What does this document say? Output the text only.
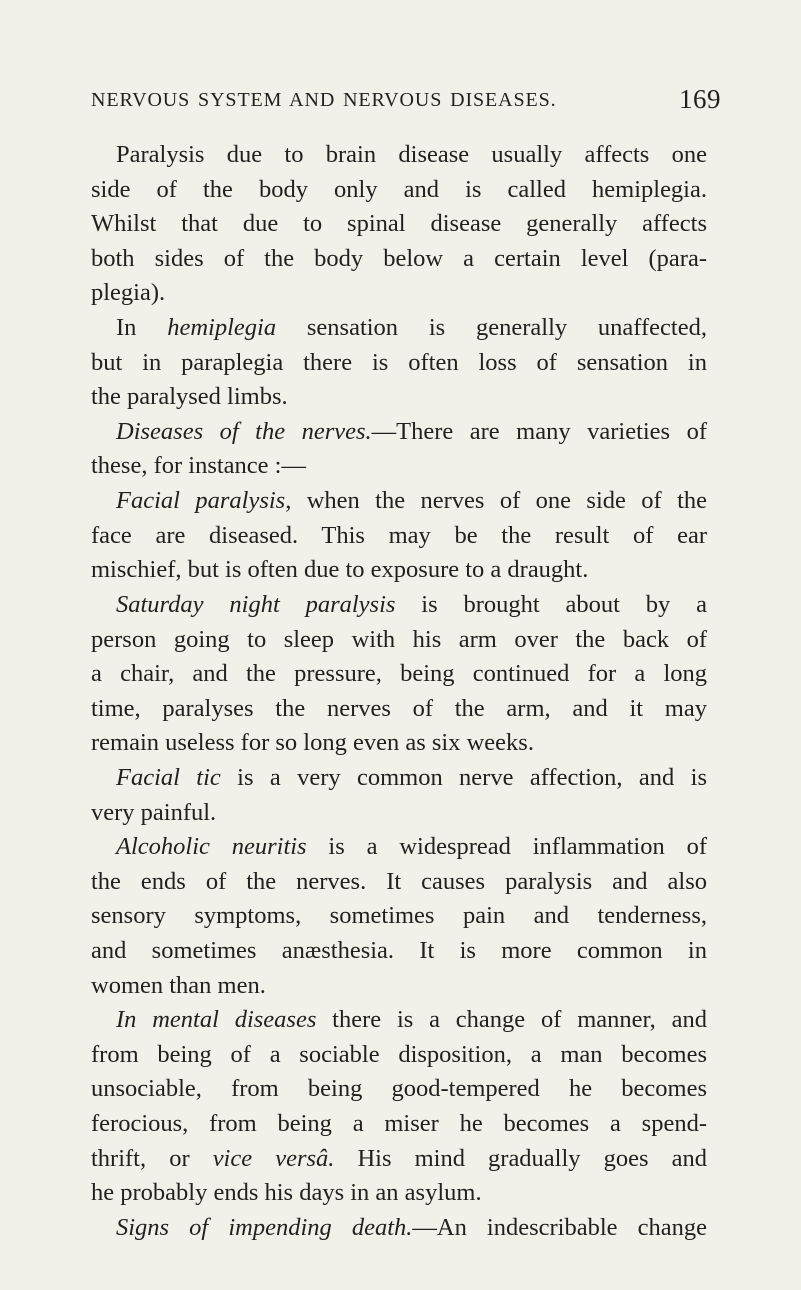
NERVOUS SYSTEM AND NERVOUS DISEASES.	169
Paralysis due to brain disease usually affects one
side of the body only and is called hemiplegia.
Whilst that due to spinal disease generally affects
both sides of the body below a certain level (para-
plegia).
In hemiplegia sensation is generally unaffected,
but in paraplegia there is often loss of sensation in
the paralysed limbs.
Diseases of the nerves.—There are many varieties of
these, for instance :—
Facial paralysis, when the nerves of one side of the
face are diseased. This may be the result of ear
mischief, but is often due to exposure to a draught.
Saturday night paralysis is brought about by a
person going to sleep with his arm over the back of
a chair, and the pressure, being continued for a long
time, paralyses the nerves of the arm, and it may
remain useless for so long even as six weeks.
Facial tic is a very common nerve affection, and is
very painful.
Alcoholic neuritis is a widespread inflammation of
the ends of the nerves. It causes paralysis and also
sensory symptoms, sometimes pain and tenderness,
and sometimes anæsthesia. It is more common in
women than men.
In mental diseases there is a change of manner, and
from being of a sociable disposition, a man becomes
unsociable, from being good-tempered he becomes
ferocious, from being a miser he becomes a spend-
thrift, or vice versâ. His mind gradually goes and
he probably ends his days in an asylum.
Signs of impending death.—An indescribable change
